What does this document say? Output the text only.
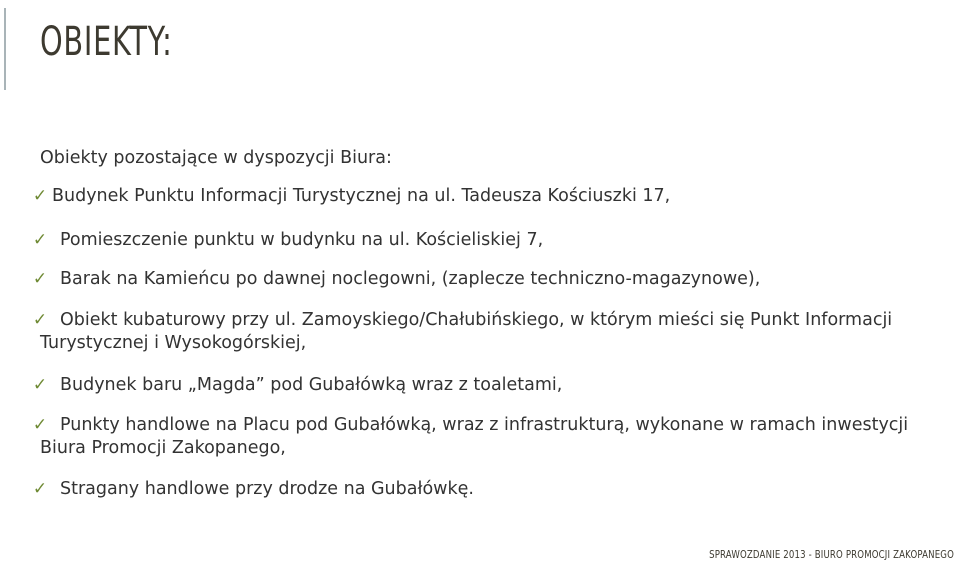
OBIEKTY:
Obiekty pozostające w dyspozycji Biura:
✓ Budynek Punktu Informacji Turystycznej na ul. Tadeusza Kościuszki 17,
✓ Pomieszczenie punktu w budynku na ul. Kościeliskiej 7,
✓ Barak na Kamieńcu po dawnej noclegowni, (zaplecze techniczno-magazynowe),
✓ Obiekt kubaturowy przy ul. Zamoyskiego/Chałubińskiego, w którym mieści się Punkt Informacji Turystycznej i Wysokogórskiej,
✓ Budynek baru „Magda” pod Gubałówką wraz z toaletami,
✓ Punkty handlowe na Placu pod Gubałówką, wraz z infrastrukturą, wykonane w ramach inwestycji Biura Promocji Zakopanego,
✓ Stragany handlowe przy drodze na Gubałówkę.
SPRAWOZDANIE 2013 - BIURO PROMOCJI ZAKOPANEGO
